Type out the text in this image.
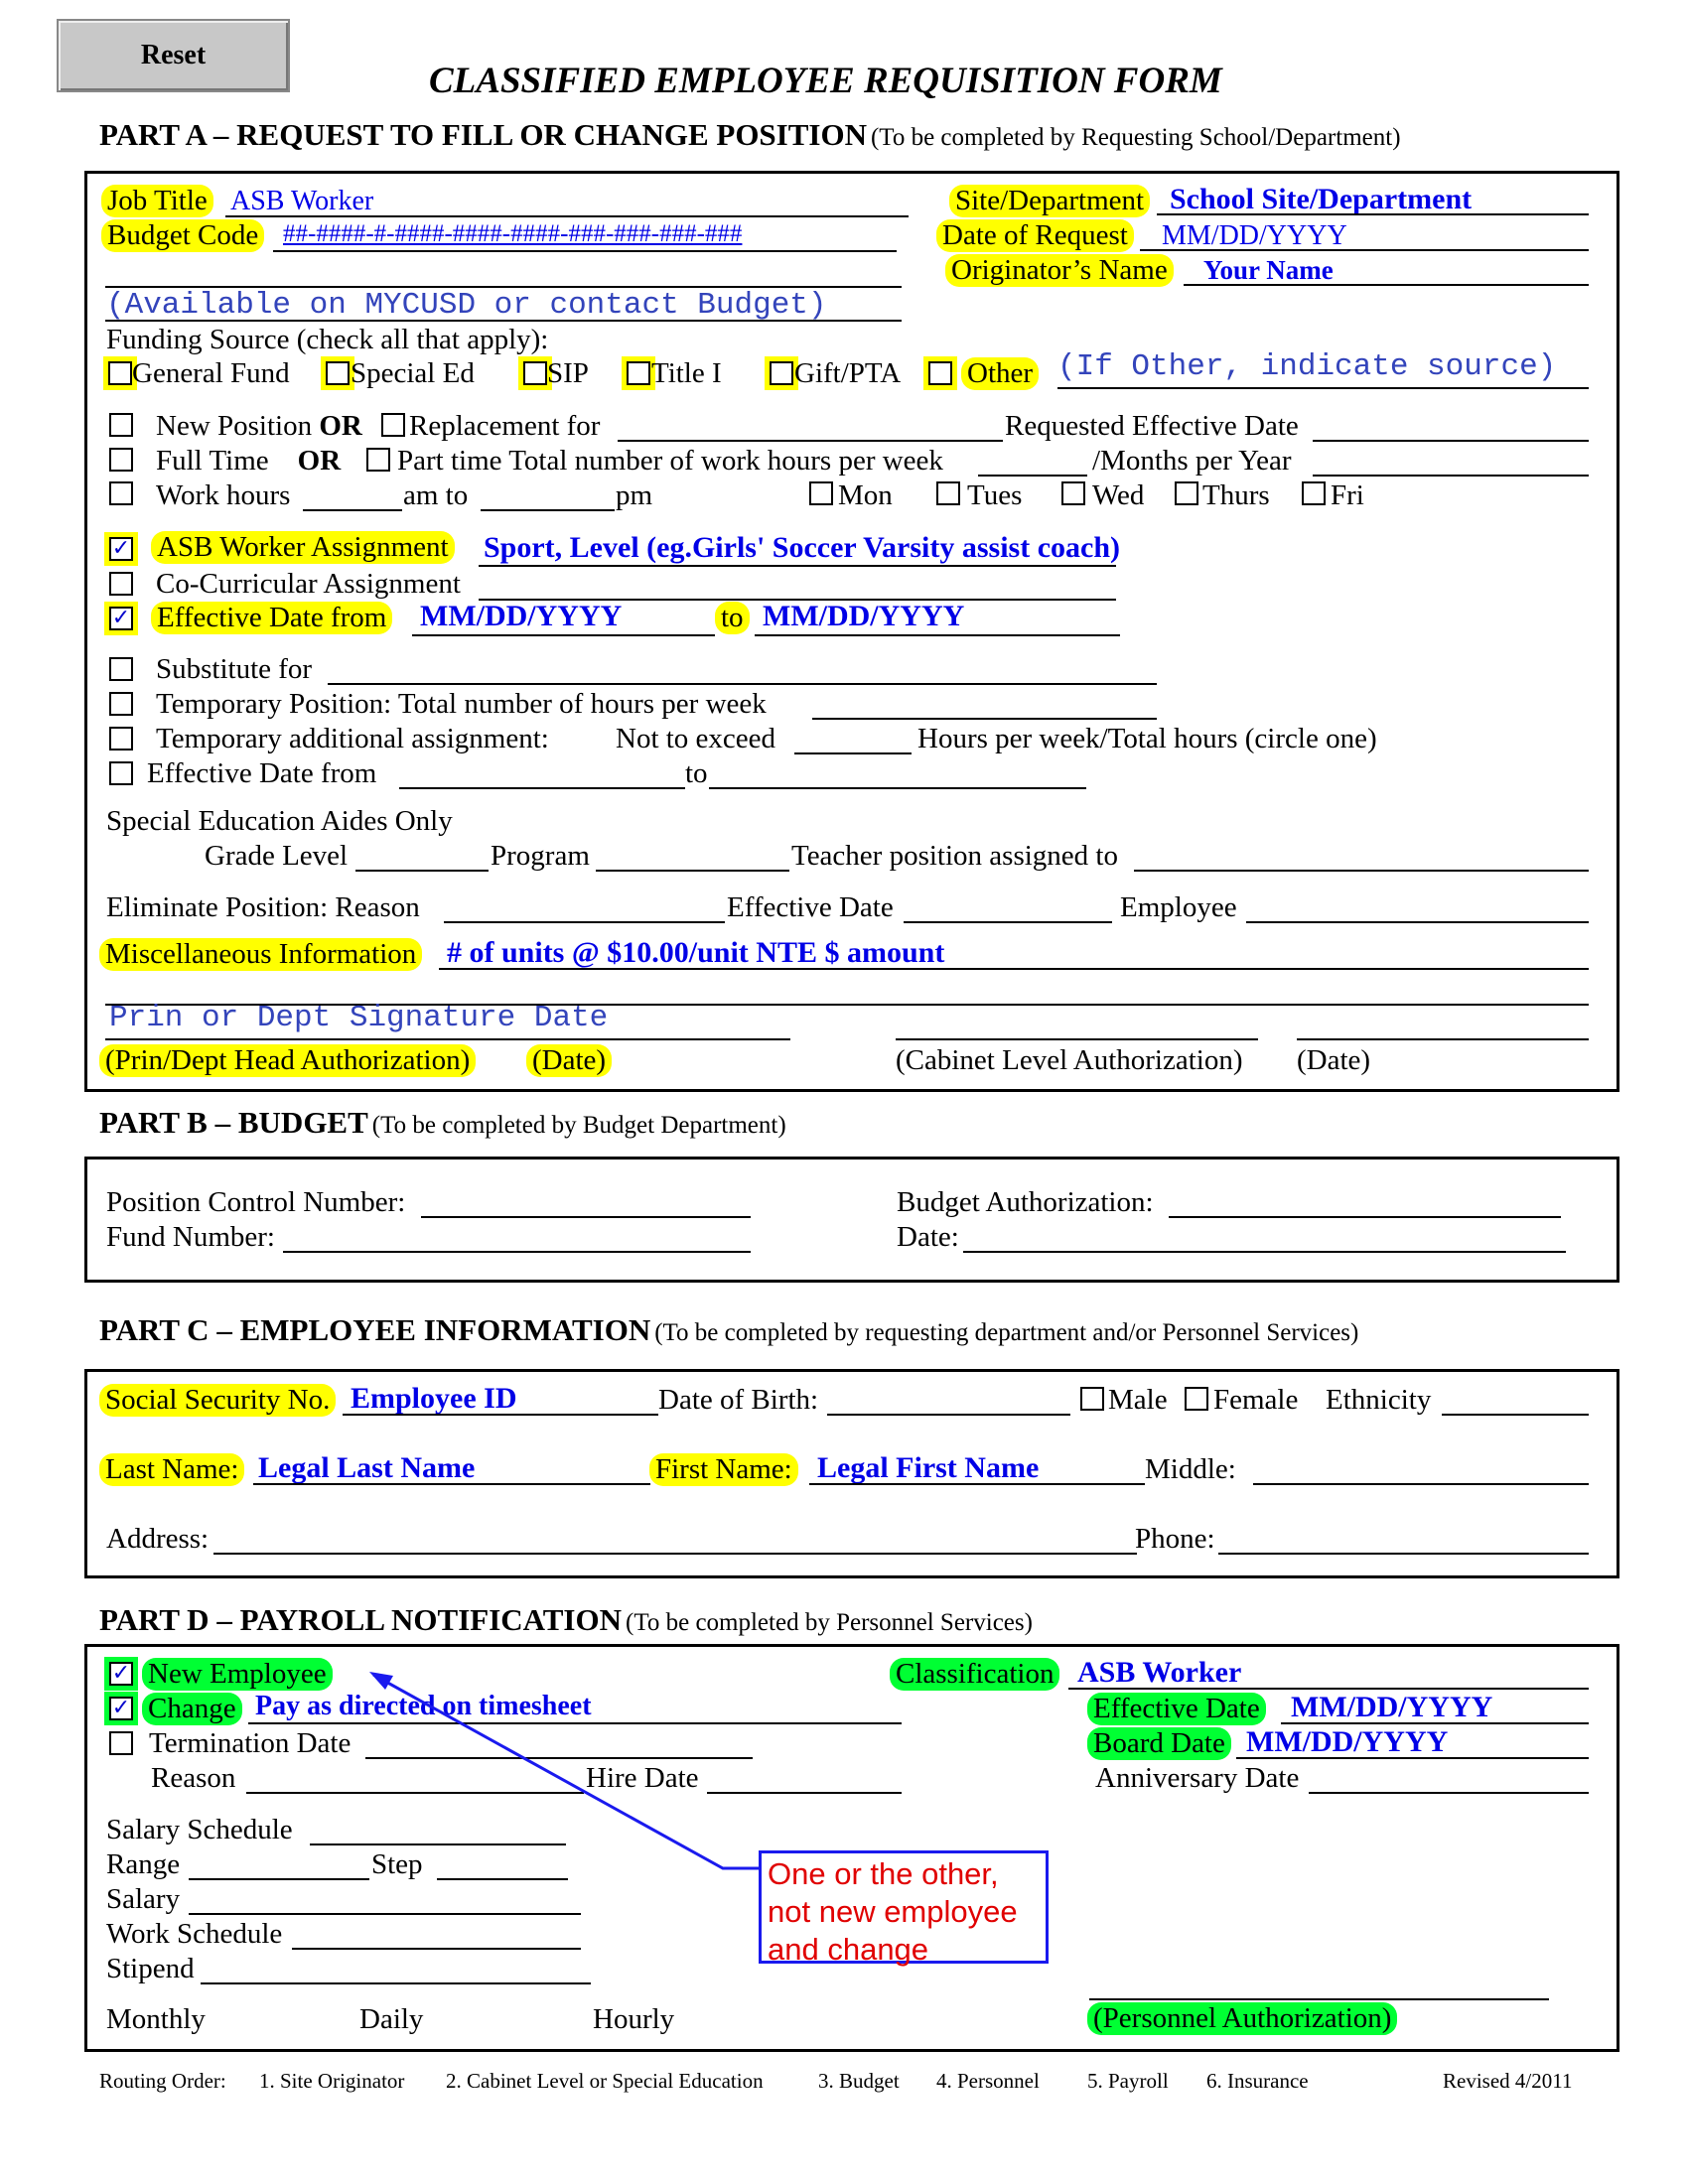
Reset
CLASSIFIED EMPLOYEE REQUISITION FORM
PART A – REQUEST TO FILL OR CHANGE POSITION (To be completed by Requesting School/Department)
Job Title ASB Worker
Budget Code ##-####-#-####-####-####-###-###-###-###
(Available on MYCUSD or contact Budget)
Site/Department School Site/Department
Date of Request MM/DD/YYYY
Originator’s Name Your Name
Funding Source (check all that apply):
General Fund Special Ed	SIP Title I	Gift/PTA Other (If Other, indicate source)
New Position OR Replacement for	Requested Effective Date
Full Time OR Part time Total number of work hours per week	/Months per Year
Work hours	am to	pm	Mon	Tues Wed Thurs Fri
✓ ASB Worker Assignment Sport, Level (eg.Girls' Soccer Varsity assist coach)
Co-Curricular Assignment
✓ Effective Date from MM/DD/YYYY	to MM/DD/YYYY
Substitute for
Temporary Position: Total number of hours per week
Temporary additional assignment: Not to exceed	Hours per week/Total hours (circle one)
Effective Date from	to
Special Education Aides Only
Grade Level	Program	Teacher position assigned to
Eliminate Position: Reason	Effective Date	Employee
Miscellaneous Information # of units @ $10.00/unit NTE $ amount
Prin or Dept Signature Date
(Prin/Dept Head Authorization) (Date)	(Cabinet Level Authorization) (Date)
PART B – BUDGET (To be completed by Budget Department)
Position Control Number:
Fund Number:
Budget Authorization:
Date:
PART C – EMPLOYEE INFORMATION (To be completed by requesting department and/or Personnel Services)
Social Security No. Employee ID	Date of Birth:	Male Female Ethnicity
Last Name: Legal Last Name	First Name: Legal First Name	Middle:
Address:	Phone:
PART D – PAYROLL NOTIFICATION (To be completed by Personnel Services)
✓ New Employee
✓ Change Pay as directed on timesheet
Termination Date
Reason	Hire Date
Classification ASB Worker
Effective Date MM/DD/YYYY
Board Date MM/DD/YYYY
Anniversary Date
Salary Schedule
Range	Step
Salary
Work Schedule
Stipend
Monthly	Daily	Hourly	(Personnel Authorization)
One or the other, not new employee and change
Routing Order: 1. Site Originator 2. Cabinet Level or Special Education	3. Budget 4. Personnel 5. Payroll 6. Insurance	Revised 4/2011
